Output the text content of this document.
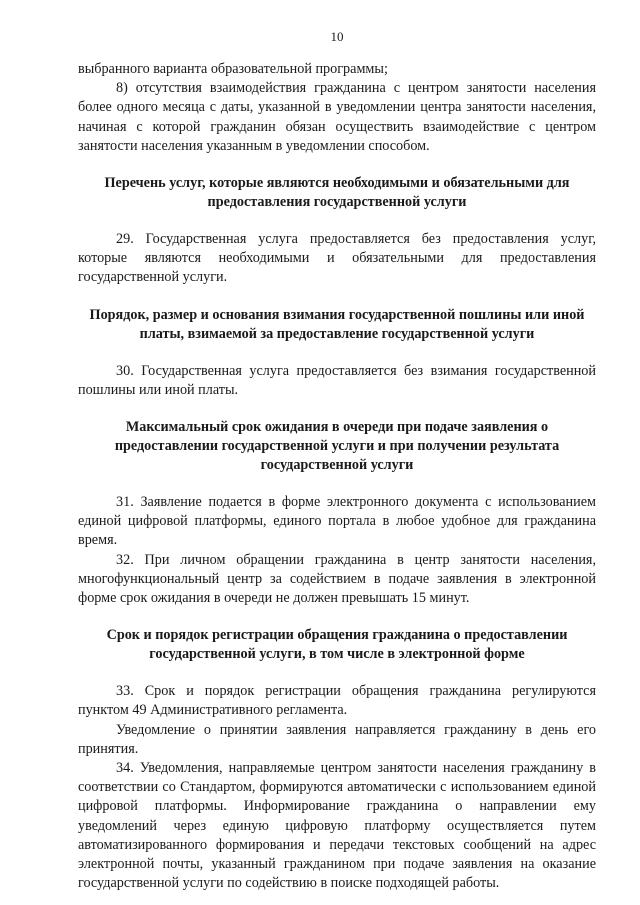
10

выбранного варианта образовательной программы;

8) отсутствия взаимодействия гражданина с центром занятости населения более одного месяца с даты, указанной в уведомлении центра занятости населения, начиная с которой гражданин обязан осуществить взаимодействие с центром занятости населения указанным в уведомлении способом.

Перечень услуг, которые являются необходимыми и обязательными для предоставления государственной услуги

29. Государственная услуга предоставляется без предоставления услуг, которые являются необходимыми и обязательными для предоставления государственной услуги.

Порядок, размер и основания взимания государственной пошлины или иной платы, взимаемой за предоставление государственной услуги

30. Государственная услуга предоставляется без взимания государственной пошлины или иной платы.

Максимальный срок ожидания в очереди при подаче заявления о предоставлении государственной услуги и при получении результата государственной услуги

31. Заявление подается в форме электронного документа с использованием единой цифровой платформы, единого портала в любое удобное для гражданина время.

32. При личном обращении гражданина в центр занятости населения, многофункциональный центр за содействием в подаче заявления в электронной форме срок ожидания в очереди не должен превышать 15 минут.

Срок и порядок регистрации обращения гражданина о предоставлении государственной услуги, в том числе в электронной форме

33. Срок и порядок регистрации обращения гражданина регулируются пунктом 49 Административного регламента.

Уведомление о принятии заявления направляется гражданину в день его принятия.

34. Уведомления, направляемые центром занятости населения гражданину в соответствии со Стандартом, формируются автоматически с использованием единой цифровой платформы. Информирование гражданина о направлении ему уведомлений через единую цифровую платформу осуществляется путем автоматизированного формирования и передачи текстовых сообщений на адрес электронной почты, указанный гражданином при подаче заявления на оказание государственной услуги по содействию в поиске подходящей работы.
